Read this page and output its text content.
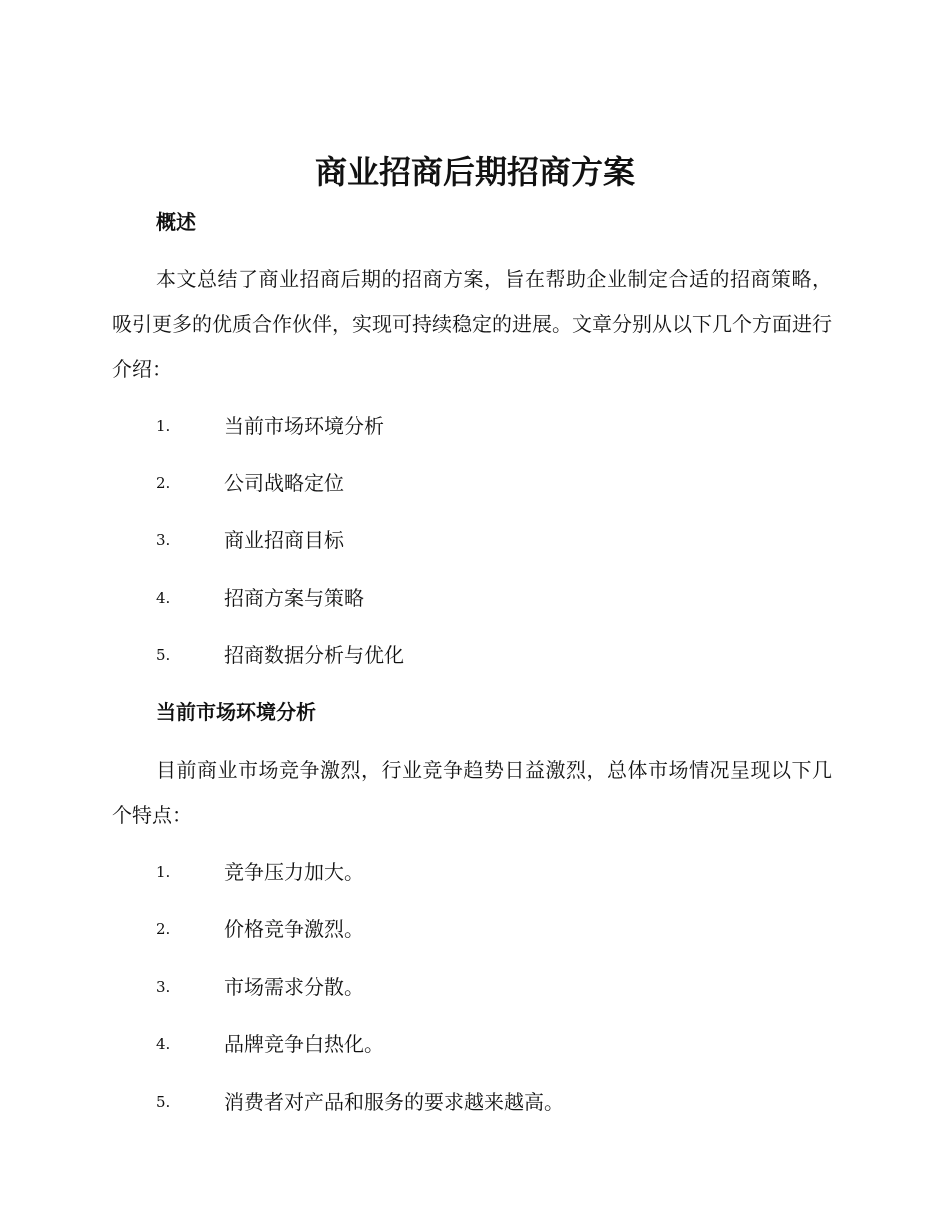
商业招商后期招商方案
概述

本文总结了商业招商后期的招商方案，旨在帮助企业制定合适的招商策略，吸引更多的优质合作伙伴，实现可持续稳定的进展。文章分别从以下几个方面进行介绍：

1.	当前市场环境分析
2.	公司战略定位
3.	商业招商目标
4.	招商方案与策略
5.	招商数据分析与优化
当前市场环境分析

目前商业市场竞争激烈，行业竞争趋势日益激烈，总体市场情况呈现以下几个特点：

1.	竞争压力加大。
2.	价格竞争激烈。
3.	市场需求分散。
4.	品牌竞争白热化。
5.	消费者对产品和服务的要求越来越高。
